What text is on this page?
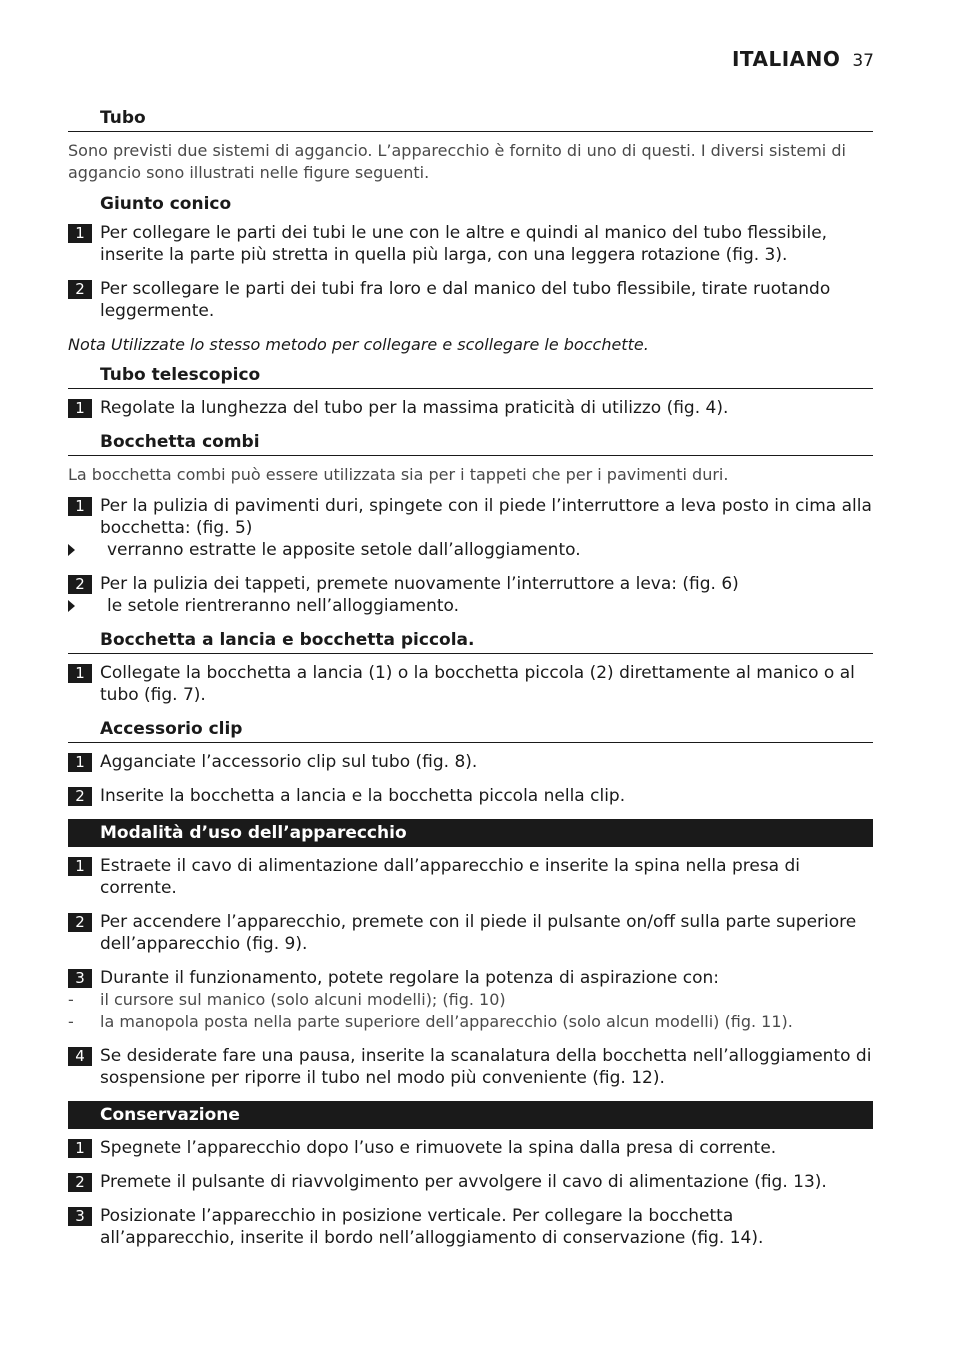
ITALIANO 37
Tubo
Sono previsti due sistemi di aggancio. L’apparecchio è fornito di uno di questi. I diversi sistemi di aggancio sono illustrati nelle figure seguenti.
Giunto conico
1 Per collegare le parti dei tubi le une con le altre e quindi al manico del tubo flessibile, inserite la parte più stretta in quella più larga, con una leggera rotazione (fig. 3).
2 Per scollegare le parti dei tubi fra loro e dal manico del tubo flessibile, tirate ruotando leggermente.
Nota Utilizzate lo stesso metodo per collegare e scollegare le bocchette.
Tubo telescopico
1 Regolate la lunghezza del tubo per la massima praticità di utilizzo (fig. 4).
Bocchetta combi
La bocchetta combi può essere utilizzata sia per i tappeti che per i pavimenti duri.
1 Per la pulizia di pavimenti duri, spingete con il piede l’interruttore a leva posto in cima alla bocchetta: (fig. 5)
verranno estratte le apposite setole dall’alloggiamento.
2 Per la pulizia dei tappeti, premete nuovamente l’interruttore a leva: (fig. 6)
le setole rientreranno nell’alloggiamento.
Bocchetta a lancia e bocchetta piccola.
1 Collegate la bocchetta a lancia (1) o la bocchetta piccola (2) direttamente al manico o al tubo (fig. 7).
Accessorio clip
1 Agganciate l’accessorio clip sul tubo (fig. 8).
2 Inserite la bocchetta a lancia e la bocchetta piccola nella clip.
Modalità d’uso dell’apparecchio
1 Estraete il cavo di alimentazione dall’apparecchio e inserite la spina nella presa di corrente.
2 Per accendere l’apparecchio, premete con il piede il pulsante on/off sulla parte superiore dell’apparecchio (fig. 9).
3 Durante il funzionamento, potete regolare la potenza di aspirazione con:
-	il cursore sul manico (solo alcuni modelli); (fig. 10)
-	la manopola posta nella parte superiore dell’apparecchio (solo alcun modelli) (fig. 11).
4 Se desiderate fare una pausa, inserite la scanalatura della bocchetta nell’alloggiamento di sospensione per riporre il tubo nel modo più conveniente (fig. 12).
Conservazione
1 Spegnete l’apparecchio dopo l’uso e rimuovete la spina dalla presa di corrente.
2 Premete il pulsante di riavvolgimento per avvolgere il cavo di alimentazione (fig. 13).
3 Posizionate l’apparecchio in posizione verticale. Per collegare la bocchetta all’apparecchio, inserite il bordo nell’alloggiamento di conservazione (fig. 14).
